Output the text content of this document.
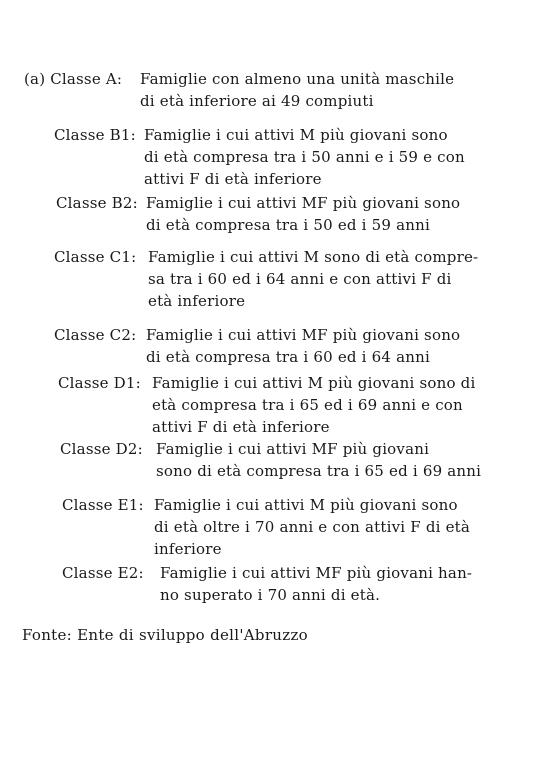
(a) Classe A: Famiglie con almeno una unità maschile
di età inferiore ai 49 compiuti
Classe B1: Famiglie i cui attivi M più giovani sono
di età compresa tra i 50 anni e i 59 e con
attivi F di età inferiore
Classe B2: Famiglie i cui attivi MF più giovani sono
di età compresa tra i 50 ed i 59 anni
Classe C1: Famiglie i cui attivi M sono di età compre-
sa tra i 60 ed i 64 anni e con attivi F di
età inferiore
Classe C2: Famiglie i cui attivi MF più giovani sono
di età compresa tra i 60 ed i 64 anni
Classe D1: Famiglie i cui attivi M più giovani sono di
età compresa tra i 65 ed i 69 anni e con
attivi F di età inferiore
Classe D2: Famiglie i cui attivi MF più giovani
sono di età compresa tra i 65 ed i 69 anni
Classe E1: Famiglie i cui attivi M più giovani sono
di età oltre i 70 anni e con attivi F di età
inferiore
Classe E2: Famiglie i cui attivi MF più giovani han-
no superato i 70 anni di età.
Fonte: Ente di sviluppo dell'Abruzzo
